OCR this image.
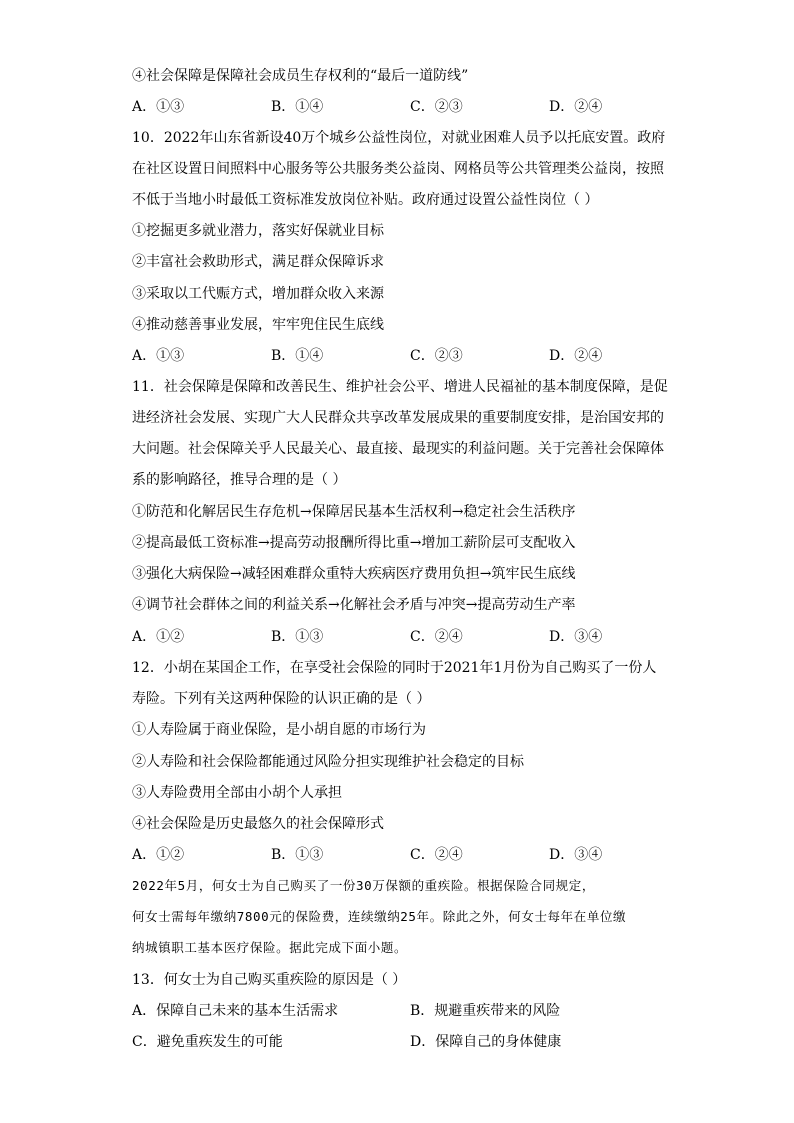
④社会保障是保障社会成员生存权利的“最后一道防线”
A．①③	B．①④	C．②③	D．②④
10．2022年山东省新设40万个城乡公益性岗位，对就业困难人员予以托底安置。政府
在社区设置日间照料中心服务等公共服务类公益岗、网格员等公共管理类公益岗，按照
不低于当地小时最低工资标准发放岗位补贴。政府通过设置公益性岗位（ ）
①挖掘更多就业潜力，落实好保就业目标
②丰富社会救助形式，满足群众保障诉求
③采取以工代赈方式，增加群众收入来源
④推动慈善事业发展，牢牢兜住民生底线
A．①③	B．①④	C．②③	D．②④
11．社会保障是保障和改善民生、维护社会公平、增进人民福祉的基本制度保障，是促
进经济社会发展、实现广大人民群众共享改革发展成果的重要制度安排，是治国安邦的
大问题。社会保障关乎人民最关心、最直接、最现实的利益问题。关于完善社会保障体
系的影响路径，推导合理的是（ ）
①防范和化解居民生存危机→保障居民基本生活权利→稳定社会生活秩序
②提高最低工资标准→提高劳动报酬所得比重→增加工薪阶层可支配收入
③强化大病保险→减轻困难群众重特大疾病医疗费用负担→筑牢民生底线
④调节社会群体之间的利益关系→化解社会矛盾与冲突→提高劳动生产率
A．①②	B．①③	C．②④	D．③④
12．小胡在某国企工作，在享受社会保险的同时于2021年1月份为自己购买了一份人
寿险。下列有关这两种保险的认识正确的是（ ）
①人寿险属于商业保险，是小胡自愿的市场行为
②人寿险和社会保险都能通过风险分担实现维护社会稳定的目标
③人寿险费用全部由小胡个人承担
④社会保险是历史最悠久的社会保障形式
A．①②	B．①③	C．②④	D．③④
2022年5月，何女士为自己购买了一份30万保额的重疾险。根据保险合同规定，
何女士需每年缴纳7800元的保险费，连续缴纳25年。除此之外，何女士每年在单位缴
纳城镇职工基本医疗保险。据此完成下面小题。
13．何女士为自己购买重疾险的原因是（ ）
A．保障自己未来的基本生活需求	B．规避重疾带来的风险
C．避免重疾发生的可能	D．保障自己的身体健康
